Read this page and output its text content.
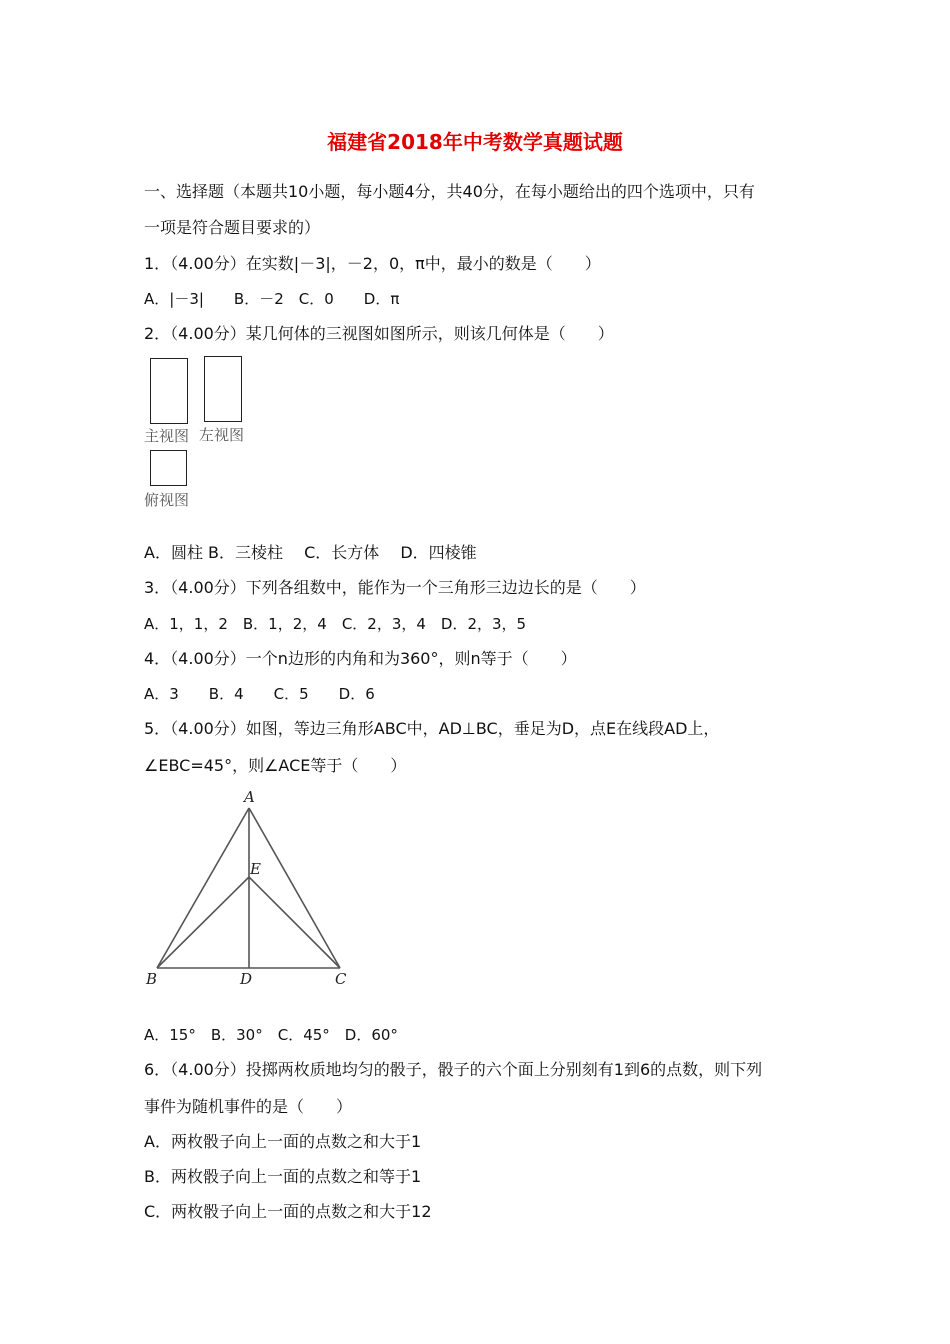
福建省2018年中考数学真题试题
一、选择题（本题共10小题，每小题4分，共40分，在每小题给出的四个选项中，只有
一项是符合题目要求的）
1．（4.00分）在实数|－3|，－2，0，π中，最小的数是（　　）
A．|－3|　　B．－2　C．0　　D．π
2．（4.00分）某几何体的三视图如图所示，则该几何体是（　　）
主视图 左视图
俯视图
A．圆柱 B．三棱柱　 C．长方体　 D．四棱锥
3．（4.00分）下列各组数中，能作为一个三角形三边边长的是（　　）
A．1，1，2　B．1，2，4　C．2，3，4　D．2，3，5
4．（4.00分）一个n边形的内角和为360°，则n等于（　　）
A．3　　B．4　　C．5　　D．6
5．（4.00分）如图，等边三角形ABC中，AD⊥BC，垂足为D，点E在线段AD上，
∠EBC=45°，则∠ACE等于（　　）
A
B	C
D
E
A．15°　B．30°　C．45°　D．60°
6．（4.00分）投掷两枚质地均匀的骰子，骰子的六个面上分别刻有1到6的点数，则下列
事件为随机事件的是（　　）
A．两枚骰子向上一面的点数之和大于1
B．两枚骰子向上一面的点数之和等于1
C．两枚骰子向上一面的点数之和大于12
